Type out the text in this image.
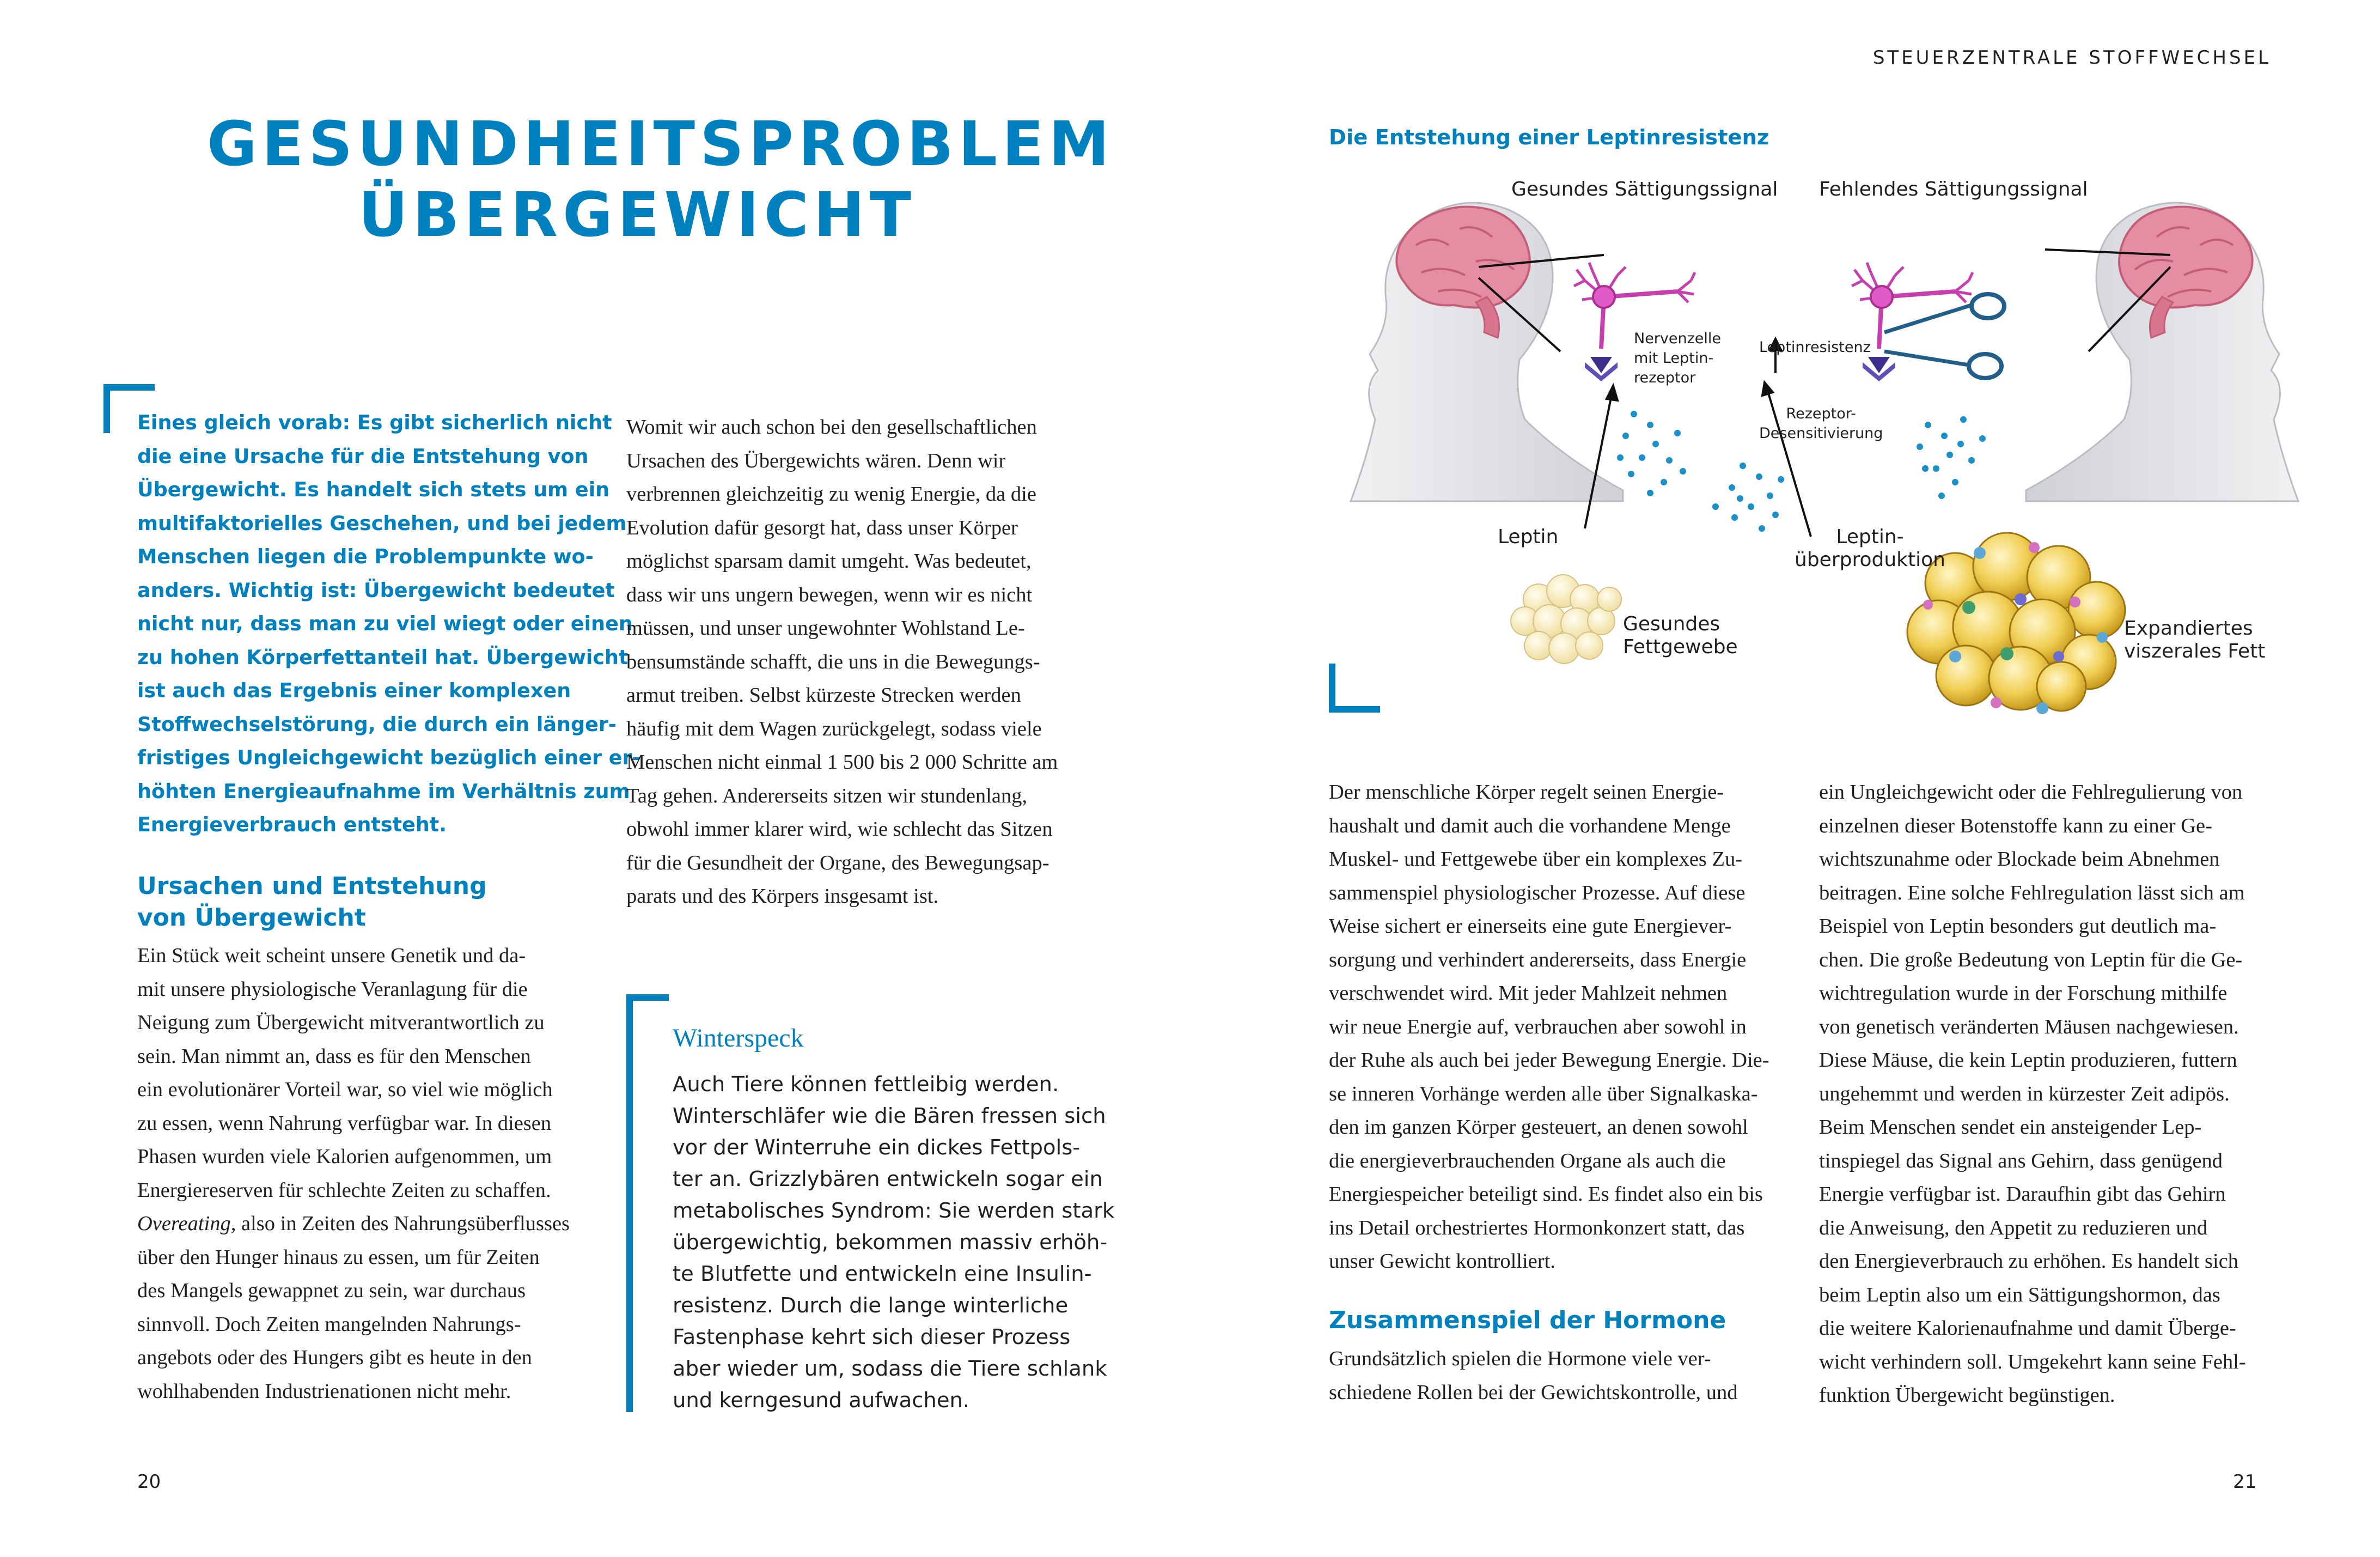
STEUERZENTRALE STOFFWECHSEL
20	21
GESUNDHEITSPROBLEM
ÜBERGEWICHT
Eines gleich vorab: Es gibt sicherlich nicht
die eine Ursache für die Entstehung von
Übergewicht. Es handelt sich stets um ein
multifaktorielles Geschehen, und bei jedem
Menschen liegen die Problempunkte wo-
anders. Wichtig ist: Übergewicht bedeutet
nicht nur, dass man zu viel wiegt oder einen
zu hohen Körperfettanteil hat. Übergewicht
ist auch das Ergebnis einer komplexen
Stoffwechselstörung, die durch ein länger-
fristiges Ungleichgewicht bezüglich einer er-
höhten Energieaufnahme im Verhältnis zum
Energieverbrauch entsteht.
Ursachen und Entstehung
von Übergewicht
Ein Stück weit scheint unsere Genetik und da-
mit unsere physiologische Veranlagung für die
Neigung zum Übergewicht mitverantwortlich zu
sein. Man nimmt an, dass es für den Menschen
ein evolutionärer Vorteil war, so viel wie möglich
zu essen, wenn Nahrung verfügbar war. In diesen
Phasen wurden viele Kalorien aufgenommen, um
Energiereserven für schlechte Zeiten zu schaffen.
Overeating, also in Zeiten des Nahrungsüberflusses
über den Hunger hinaus zu essen, um für Zeiten
des Mangels gewappnet zu sein, war durchaus
sinnvoll. Doch Zeiten mangelnden Nahrungs-
angebots oder des Hungers gibt es heute in den
wohlhabenden Industrienationen nicht mehr.
Womit wir auch schon bei den gesellschaftlichen
Ursachen des Übergewichts wären. Denn wir
verbrennen gleichzeitig zu wenig Energie, da die
Evolution dafür gesorgt hat, dass unser Körper
möglichst sparsam damit umgeht. Was bedeutet,
dass wir uns ungern bewegen, wenn wir es nicht
müssen, und unser ungewohnter Wohlstand Le-
bensumstände schafft, die uns in die Bewegungs-
armut treiben. Selbst kürzeste Strecken werden
häufig mit dem Wagen zurückgelegt, sodass viele
Menschen nicht einmal 1 500 bis 2 000 Schritte am
Tag gehen. Andererseits sitzen wir stundenlang,
obwohl immer klarer wird, wie schlecht das Sitzen
für die Gesundheit der Organe, des Bewegungsap-
parats und des Körpers insgesamt ist.
Winterspeck
Auch Tiere können fettleibig werden.
Winterschläfer wie die Bären fressen sich
vor der Winterruhe ein dickes Fettpols-
ter an. Grizzlybären entwickeln sogar ein
metabolisches Syndrom: Sie werden stark
übergewichtig, bekommen massiv erhöh-
te Blutfette und entwickeln eine Insulin-
resistenz. Durch die lange winterliche
Fastenphase kehrt sich dieser Prozess
aber wieder um, sodass die Tiere schlank
und kerngesund aufwachen.
Die Entstehung einer Leptinresistenz
Gesundes Sättigungssignal Fehlendes Sättigungssignal
Nervenzelle
mit Leptin-
rezeptor
Leptinresistenz
Rezeptor-
Desensitivierung
Leptin	Leptin-
überproduktion
Gesundes
Fettgewebe
Expandiertes
viszerales Fett
Der menschliche Körper regelt seinen Energie-
haushalt und damit auch die vorhandene Menge
Muskel- und Fettgewebe über ein komplexes Zu-
sammenspiel physiologischer Prozesse. Auf diese
Weise sichert er einerseits eine gute Energiever-
sorgung und verhindert andererseits, dass Energie
verschwendet wird. Mit jeder Mahlzeit nehmen
wir neue Energie auf, verbrauchen aber sowohl in
der Ruhe als auch bei jeder Bewegung Energie. Die-
se inneren Vorhänge werden alle über Signalkaska-
den im ganzen Körper gesteuert, an denen sowohl
die energieverbrauchenden Organe als auch die
Energiespeicher beteiligt sind. Es findet also ein bis
ins Detail orchestriertes Hormonkonzert statt, das
unser Gewicht kontrolliert.
Zusammenspiel der Hormone
Grundsätzlich spielen die Hormone viele ver-
schiedene Rollen bei der Gewichtskontrolle, und
ein Ungleichgewicht oder die Fehlregulierung von
einzelnen dieser Botenstoffe kann zu einer Ge-
wichtszunahme oder Blockade beim Abnehmen
beitragen. Eine solche Fehlregulation lässt sich am
Beispiel von Leptin besonders gut deutlich ma-
chen. Die große Bedeutung von Leptin für die Ge-
wichtregulation wurde in der Forschung mithilfe
von genetisch veränderten Mäusen nachgewiesen.
Diese Mäuse, die kein Leptin produzieren, futtern
ungehemmt und werden in kürzester Zeit adipös.
Beim Menschen sendet ein ansteigender Lep-
tinspiegel das Signal ans Gehirn, dass genügend
Energie verfügbar ist. Daraufhin gibt das Gehirn
die Anweisung, den Appetit zu reduzieren und
den Energieverbrauch zu erhöhen. Es handelt sich
beim Leptin also um ein Sättigungshormon, das
die weitere Kalorienaufnahme und damit Überge-
wicht verhindern soll. Umgekehrt kann seine Fehl-
funktion Übergewicht begünstigen.
